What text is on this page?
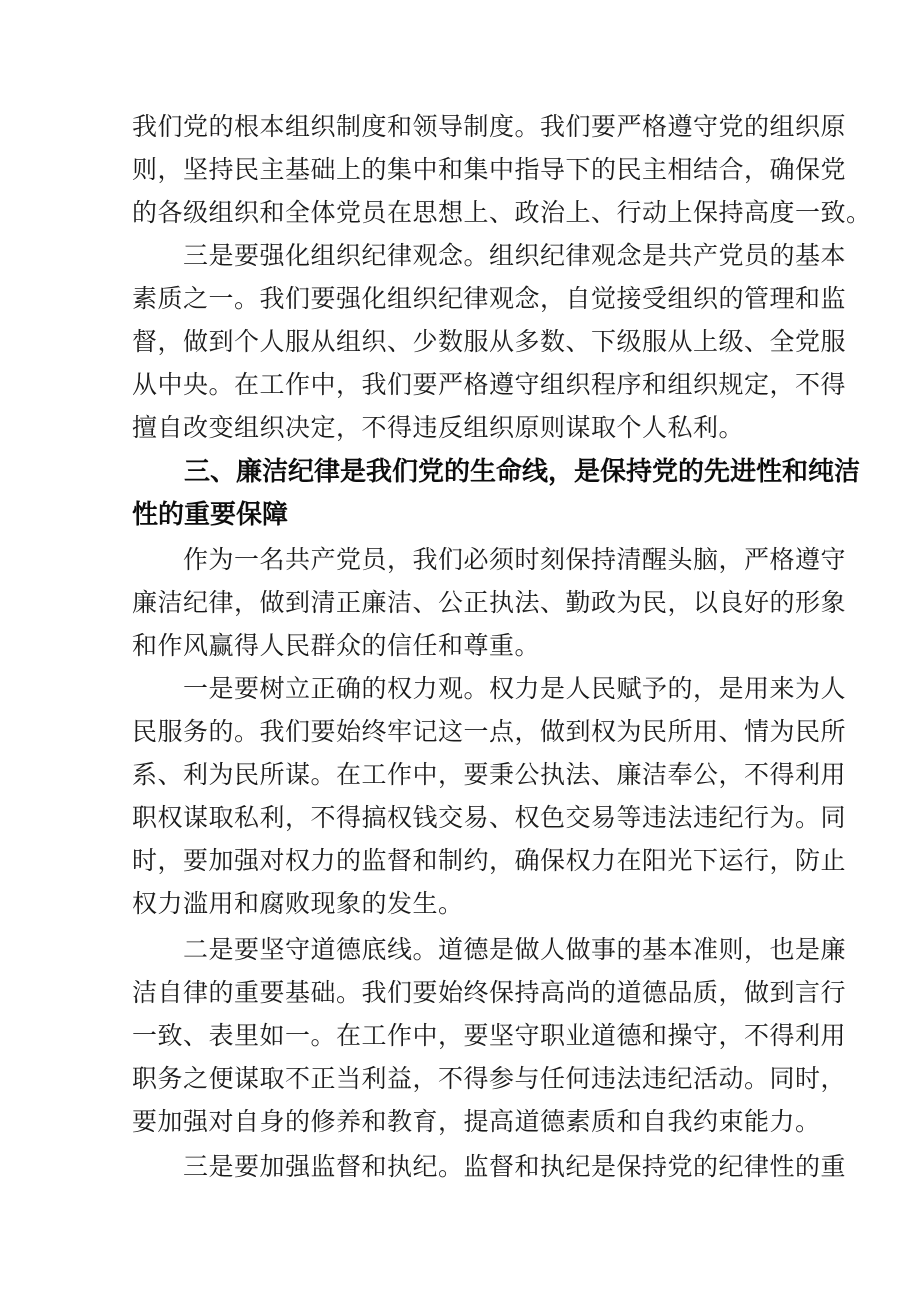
我们党的根本组织制度和领导制度。我们要严格遵守党的组织原
则，坚持民主基础上的集中和集中指导下的民主相结合，确保党
的各级组织和全体党员在思想上、政治上、行动上保持高度一致。
　　三是要强化组织纪律观念。组织纪律观念是共产党员的基本
素质之一。我们要强化组织纪律观念，自觉接受组织的管理和监
督，做到个人服从组织、少数服从多数、下级服从上级、全党服
从中央。在工作中，我们要严格遵守组织程序和组织规定，不得
擅自改变组织决定，不得违反组织原则谋取个人私利。
　　三、廉洁纪律是我们党的生命线，是保持党的先进性和纯洁
性的重要保障
　　作为一名共产党员，我们必须时刻保持清醒头脑，严格遵守
廉洁纪律，做到清正廉洁、公正执法、勤政为民，以良好的形象
和作风赢得人民群众的信任和尊重。
　　一是要树立正确的权力观。权力是人民赋予的，是用来为人
民服务的。我们要始终牢记这一点，做到权为民所用、情为民所
系、利为民所谋。在工作中，要秉公执法、廉洁奉公，不得利用
职权谋取私利，不得搞权钱交易、权色交易等违法违纪行为。同
时，要加强对权力的监督和制约，确保权力在阳光下运行，防止
权力滥用和腐败现象的发生。
　　二是要坚守道德底线。道德是做人做事的基本准则，也是廉
洁自律的重要基础。我们要始终保持高尚的道德品质，做到言行
一致、表里如一。在工作中，要坚守职业道德和操守，不得利用
职务之便谋取不正当利益，不得参与任何违法违纪活动。同时，
要加强对自身的修养和教育，提高道德素质和自我约束能力。
　　三是要加强监督和执纪。监督和执纪是保持党的纪律性的重
